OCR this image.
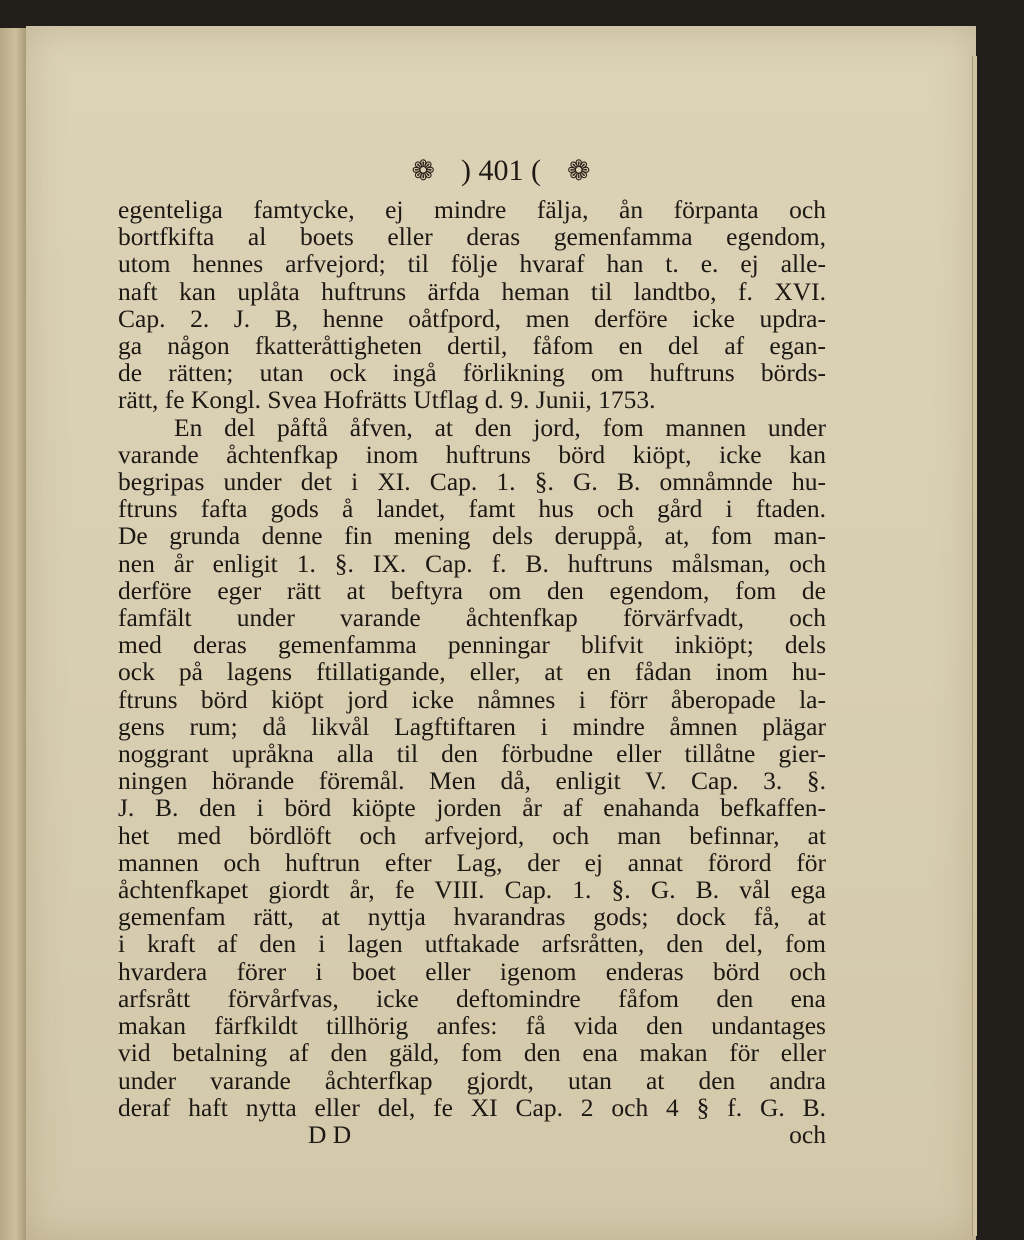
❁ ) 401 ( ❁
egenteliga famtycke, ej mindre fälja, ån förpanta och
bortfkifta al boets eller deras gemenfamma egendom,
utom hennes arfvejord; til följe hvaraf han t. e. ej alle-
naft kan uplåta huftruns ärfda heman til landtbo, f. XVI.
Cap. 2. J. B, henne oåtfpord, men derföre icke updra-
ga någon fkatteråttigheten dertil, fåfom en del af egan-
de rätten; utan ock ingå förlikning om huftruns börds-
rätt, fe Kongl. Svea Hofrätts Utflag d. 9. Junii, 1753.
En del påftå åfven, at den jord, fom mannen under
varande åchtenfkap inom huftruns börd kiöpt, icke kan
begripas under det i XI. Cap. 1. §. G. B. omnåmnde hu-
ftruns fafta gods å landet, famt hus och gård i ftaden.
De grunda denne fin mening dels deruppå, at, fom man-
nen år enligit 1. §. IX. Cap. f. B. huftruns målsman, och
derföre eger rätt at beftyra om den egendom, fom de
famfält under varande åchtenfkap förvärfvadt, och
med deras gemenfamma penningar blifvit inkiöpt; dels
ock på lagens ftillatigande, eller, at en fådan inom hu-
ftruns börd kiöpt jord icke nåmnes i förr åberopade la-
gens rum; då likvål Lagftiftaren i mindre åmnen plägar
noggrant upråkna alla til den förbudne eller tillåtne gier-
ningen hörande föremål. Men då, enligit V. Cap. 3. §.
J. B. den i börd kiöpte jorden år af enahanda befkaffen-
het med bördlöft och arfvejord, och man befinnar, at
mannen och huftrun efter Lag, der ej annat förord för
åchtenfkapet giordt år, fe VIII. Cap. 1. §. G. B. vål ega
gemenfam rätt, at nyttja hvarandras gods; dock få, at
i kraft af den i lagen utftakade arfsråtten, den del, fom
hvardera förer i boet eller igenom enderas börd och
arfsrått förvårfvas, icke deftomindre fåfom den ena
makan färfkildt tillhörig anfes: få vida den undantages
vid betalning af den gäld, fom den ena makan för eller
under varande åchterfkap gjordt, utan at den andra
deraf haft nytta eller del, fe XI Cap. 2 och 4 § f. G. B.
D D	och
